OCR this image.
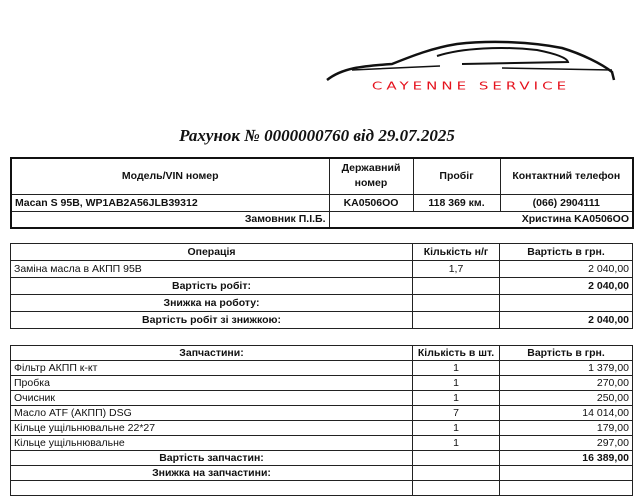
CAYENNE SERVICE
Рахунок № 0000000760 від 29.07.2025
Модель/VIN номер	Державний номер	Пробіг	Контактний телефон
Macan S 95B, WP1AB2A56JLB39312	KA0506OO	118 369 км.	(066) 2904111
Замовник П.І.Б.	Христина KA0506OO		
Операція	Кількість н/г	Вартість в грн.
Заміна масла в АКПП 95B	1,7	2 040,00
Вартість робіт:		2 040,00
Знижка на роботу:		
Вартість робіт зі знижкою:		2 040,00
Запчастини:	Кількість в шт.	Вартість в грн.
Фільтр АКПП к-кт	1	1 379,00
Пробка	1	270,00
Очисник	1	250,00
Масло ATF (АКПП) DSG	7	14 014,00
Кільце ущільнювальне 22*27	1	179,00
Кільце ущільнювальне	1	297,00
Вартість запчастин:		16 389,00
Знижка на запчастини:		
